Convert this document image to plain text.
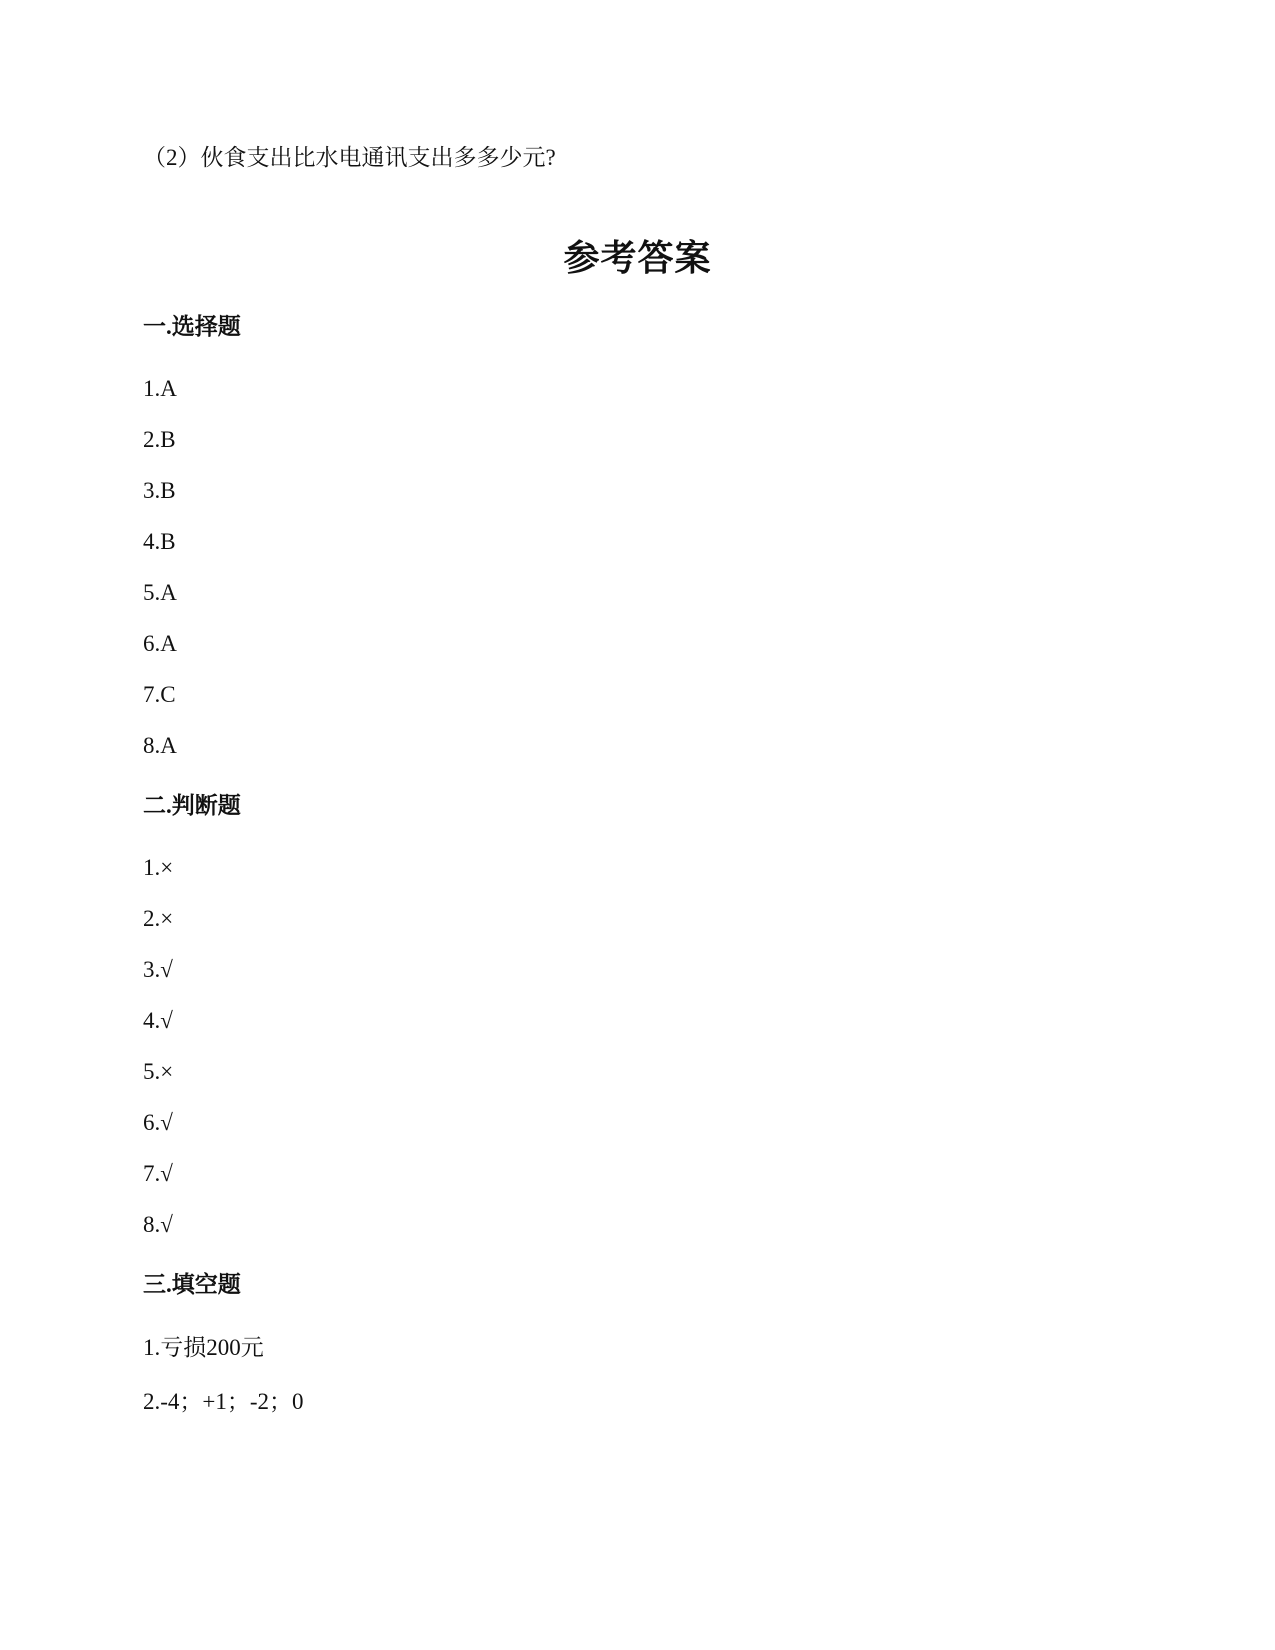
（2）伙食支出比水电通讯支出多多少元?
参考答案
一.选择题
1.A
2.B
3.B
4.B
5.A
6.A
7.C
8.A
二.判断题
1.×
2.×
3.√
4.√
5.×
6.√
7.√
8.√
三.填空题
1.亏损200元
2.-4；+1；-2；0
